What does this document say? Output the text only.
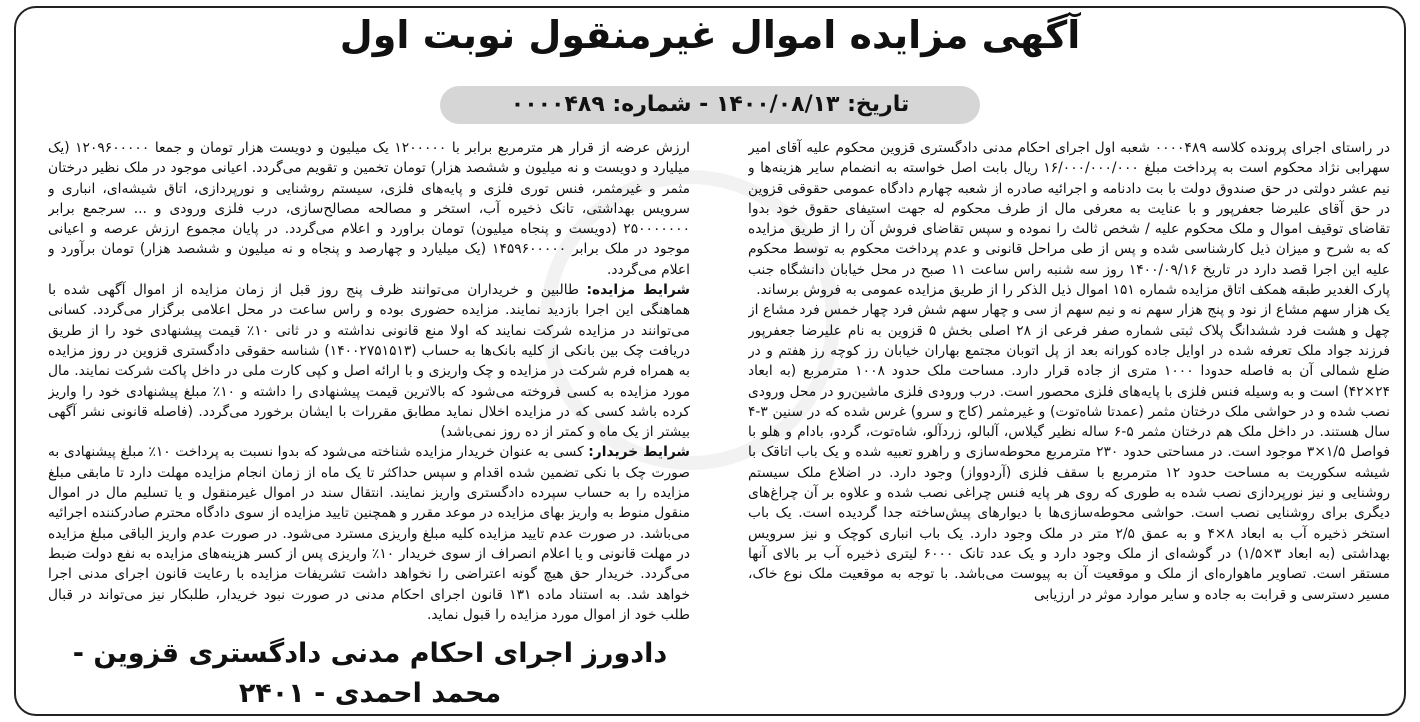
آگهی مزایده اموال غیرمنقول نوبت اول
تاریخ: ۱۴۰۰/۰۸/۱۳ - شماره: ۰۰۰۰۴۸۹

در راستای اجرای پرونده کلاسه ۰۰۰۰۴۸۹ شعبه اول اجرای احکام مدنی دادگستری قزوین محکوم علیه آقای امیر سهرابی نژاد محکوم است به پرداخت مبلغ ۱۶/۰۰۰/۰۰۰/۰۰۰ ریال بابت اصل خواسته به انضمام سایر هزینه‌ها و نیم عشر دولتی در حق صندوق دولت با بت دادنامه و اجرائیه صادره از شعبه چهارم دادگاه عمومی حقوقی قزوین در حق آقای علیرضا جعفرپور و با عنایت به معرفی مال از طرف محکوم له جهت استیفای حقوق خود بدوا تقاضای توقیف اموال و ملک محکوم علیه / شخص ثالث را نموده و سپس تقاضای فروش آن را از طریق مزایده که به شرح و میزان ذیل کارشناسی شده و پس از طی مراحل قانونی و عدم پرداخت محکوم به توسط محکوم علیه این اجرا قصد دارد در تاریخ ۱۴۰۰/۰۹/۱۶ روز سه شنبه راس ساعت ۱۱ صبح در محل خیابان دانشگاه جنب پارک الغدیر طبقه همکف اتاق مزایده شماره ۱۵۱ اموال ذیل الذکر را از طریق مزایده عمومی به فروش برساند.

یک هزار سهم مشاع از نود و پنج هزار سهم نه و نیم سهم از سی و چهار سهم شش فرد چهار خمس فرد مشاع از چهل و هشت فرد ششدانگ پلاک ثبتی شماره صفر فرعی از ۲۸ اصلی بخش ۵ قزوین به نام علیرضا جعفرپور فرزند جواد ملک تعرفه شده در اوایل جاده کورانه بعد از پل اتوبان مجتمع بهاران خیابان رز کوچه رز هفتم و در ضلع شمالی آن به فاصله حدودا ۱۰۰۰ متری از جاده قرار دارد. مساحت ملک حدود ۱۰۰۸ مترمربع (به ابعاد ۲۴×۴۲) است و به وسیله فنس فلزی با پایه‌های فلزی محصور است. درب ورودی فلزی ماشین‌رو در محل ورودی نصب شده و در حواشی ملک درختان مثمر (عمدتا شاه‌توت) و غیرمثمر (کاج و سرو) غرس شده که در سنین ۳-۴ سال هستند. در داخل ملک هم درختان مثمر ۵-۶ ساله نظیر گیلاس، آلبالو، زردآلو، شاه‌توت، گردو، بادام و هلو با فواصل ۱/۵×۳ موجود است. در مساحتی حدود ۲۳۰ مترمربع محوطه‌سازی و راهرو تعبیه شده و یک باب اتاقک با شیشه سکوریت به مساحت حدود ۱۲ مترمربع با سقف فلزی (آردوواز) وجود دارد. در اضلاع ملک سیستم روشنایی و نیز نورپردازی نصب شده به طوری که روی هر پایه فنس چراغی نصب شده و علاوه بر آن چراغ‌های دیگری برای روشنایی نصب است. حواشی محوطه‌سازی‌ها با دیوارهای پیش‌ساخته جدا گردیده است. یک باب استخر ذخیره آب به ابعاد ۸×۴ و به عمق ۲/۵ متر در ملک وجود دارد. یک باب انباری کوچک و نیز سرویس بهداشتی (به ابعاد ۳×۱/۵) در گوشه‌ای از ملک وجود دارد و یک عدد تانک ۶۰۰۰ لیتری ذخیره آب بر بالای آنها مستقر است. تصاویر ماهواره‌ای از ملک و موقعیت آن به پیوست می‌باشد. با توجه به موقعیت ملک نوع خاک، مسیر دسترسی و قرابت به جاده و سایر موارد موثر در ارزیابی

ارزش عرضه از قرار هر مترمربع برابر با ۱۲۰۰۰۰۰ یک میلیون و دویست هزار تومان و جمعا ۱۲۰۹۶۰۰۰۰۰ (یک میلیارد و دویست و نه میلیون و ششصد هزار) تومان تخمین و تقویم می‌گردد. اعیانی موجود در ملک نظیر درختان مثمر و غیرمثمر، فنس توری فلزی و پایه‌های فلزی، سیستم روشنایی و نورپردازی، اتاق شیشه‌ای، انباری و سرویس بهداشتی، تانک ذخیره آب، استخر و مصالحه مصالح‌سازی، درب فلزی ورودی و ... سرجمع برابر ۲۵۰۰۰۰۰۰۰ (دویست و پنجاه میلیون) تومان براورد و اعلام می‌گردد. در پایان مجموع ارزش عرصه و اعیانی موجود در ملک برابر ۱۴۵۹۶۰۰۰۰۰ (یک میلیارد و چهارصد و پنجاه و نه میلیون و ششصد هزار) تومان برآورد و اعلام می‌گردد.

شرایط مزایده: طالبین و خریداران می‌توانند ظرف پنج روز قبل از زمان مزایده از اموال آگهی شده با هماهنگی این اجرا بازدید نمایند. مزایده حضوری بوده و راس ساعت در محل اعلامی برگزار می‌گردد. کسانی می‌توانند در مزایده شرکت نمایند که اولا منع قانونی نداشته و در ثانی ۱۰٪ قیمت پیشنهادی خود را از طریق دریافت چک بین بانکی از کلیه بانک‌ها به حساب (۱۴۰۰۲۷۵۱۵۱۳) شناسه حقوقی دادگستری قزوین در روز مزایده به همراه فرم شرکت در مزایده و چک واریزی و با ارائه اصل و کپی کارت ملی در داخل پاکت شرکت نمایند. مال مورد مزایده به کسی فروخته می‌شود که بالاترین قیمت پیشنهادی را داشته و ۱۰٪ مبلغ پیشنهادی خود را واریز کرده باشد کسی که در مزایده اخلال نماید مطابق مقررات با ایشان برخورد می‌گردد. (فاصله قانونی نشر آگهی بیشتر از یک ماه و کمتر از ده روز نمی‌باشد)

شرایط خریدار: کسی به عنوان خریدار مزایده شناخته می‌شود که بدوا نسبت به پرداخت ۱۰٪ مبلغ پیشنهادی به صورت چک با نکی تضمین شده اقدام و سپس حداکثر تا یک ماه از زمان انجام مزایده مهلت دارد تا مابقی مبلغ مزایده را به حساب سپرده دادگستری واریز نمایند. انتقال سند در اموال غیرمنقول و یا تسلیم مال در اموال منقول منوط به واریز بهای مزایده در موعد مقرر و همچنین تایید مزایده از سوی دادگاه محترم صادرکننده اجرائیه می‌باشد. در صورت عدم تایید مزایده کلیه مبلغ واریزی مسترد می‌شود. در صورت عدم واریز الباقی مبلغ مزایده در مهلت قانونی و یا اعلام انصراف از سوی خریدار ۱۰٪ واریزی پس از کسر هزینه‌های مزایده به نفع دولت ضبط می‌گردد. خریدار حق هیچ گونه اعتراضی را نخواهد داشت تشریفات مزایده با رعایت قانون اجرای مدنی اجرا خواهد شد. به استناد ماده ۱۳۱ قانون اجرای احکام مدنی در صورت نبود خریدار، طلبکار نیز می‌تواند در قبال طلب خود از اموال مورد مزایده را قبول نماید.

دادورز اجرای احکام مدنی دادگستری قزوین - محمد احمدی - ۲۴۰۱
